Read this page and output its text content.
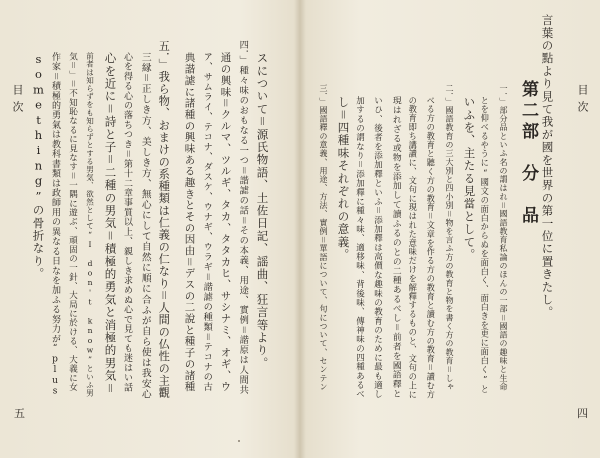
目次	スについて＝源氏物語、土佐日記、謡曲、狂言等より。
四．」種々味のおもなる一つ＝諧謔の話＝その本義、用途、實例＝諧原は人間共
通の興味＝クルマ、ツルギ、タカ、タタカヒ、サシナミ、オギ、ウ
ア、サムライ、テコナ、ダスケ、ウナギ、ウラギ＝諧謔の種類＝テコナの古
典諧謔に諸種の興味ある趣きとその因由＝デスの二說と種子の諸種
五．」我ら物、おまけの系種類は仁義の仁なり＝人間の仏性の主觀
三縁＝正しき方、美しき方、無心にして自然に順に合ふが自ら使は我安心
心を得る心の落ちつき＝第十二章事質以上、親しき求めぬ心で見ても迷はい話
心を近に＝詩と子＝二種の男気＝積極的勇気と消極的男気＝
前者は知らずをも知らずとする男気、欲然として“I don't know”といふ男
気＝」＝不知恥なるに見なす＝一隅に遊ぶ、頑固の一針、大局に於ける、大義に女
作家＝積極的勇氣は教科書類は政師用の異なる日なを加ふる努力が“plus
something”の骨折なり。
五
目次
言葉の點より見て我が國を世界の第一位に置きたし。
第二部　分　品
一．」部分品といふ名の謂はれ＝國語教育私論のほんの一部＝國語の趣味と生命
とを仰べるやうに“國文の面白からぬを面白く、面白きを更に面白く”と
いふを、主たる見當として。
二．」國語教育の三大別と四小別＝物を言ふ方の教育と物を書く方の教育＝しゃ
べる方の教育と聽く方の教育＝文章を作る方の教育と讀む方の教育＝讀む方
の教育即ち講讀に、文句に現はれた意味だけを解釋するものと、文句の上に
現はれざる或物を添加して讀ふるのとの二種あるべし＝前者を國語釋と
いひ、後者を添加釋といふ＝添加釋は高價な趣味の教育のために最も適し
加するの謂なり＝添加釋に種々味、適移味、背後味、傳神味の四種あるべ
し＝四種味それぞれの意義。
三．」國語釋の意義、用途、方法、實例＝單語について、句について、センテン
四
